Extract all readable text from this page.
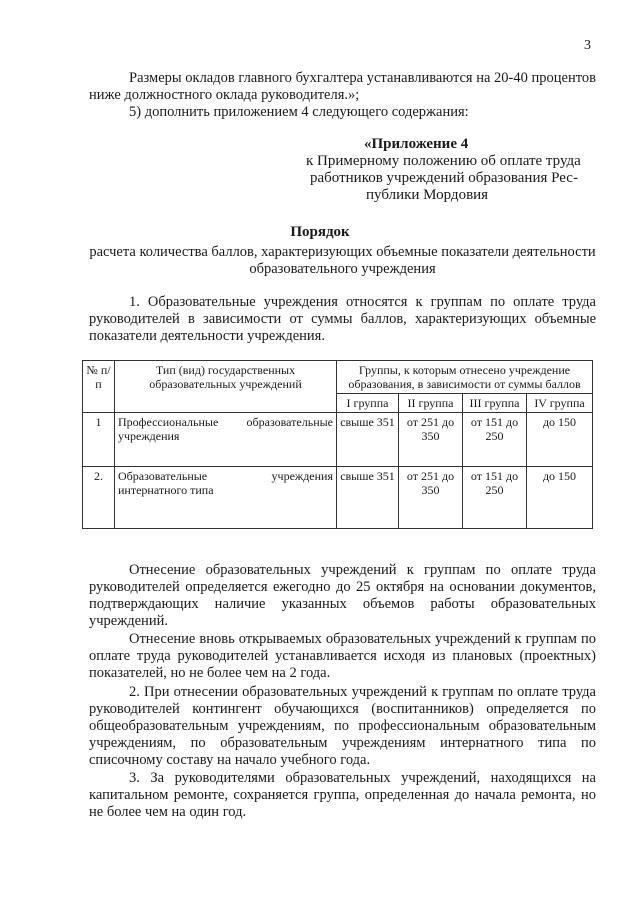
3
Размеры окладов главного бухгалтера устанавливаются на 20-40 процентов ниже должностного оклада руководителя.»;
5) дополнить приложением 4 следующего содержания:
«Приложение 4
к Примерному положению об оплате труда
работников учреждений образования Рес-
публики Мордовия
Порядок
расчета количества баллов, характеризующих объемные показатели деятельности образовательного учреждения
1. Образовательные учреждения относятся к группам по оплате труда руководителей в зависимости от суммы баллов, характеризующих объемные показатели деятельности учреждения.
№ п/п	Тип (вид) государственных образовательных учреждений	Группы, к которым отнесено учреждение образования, в зависимости от суммы баллов			
		I группа	II группа	III группа	IV группа
1	Профессиональные образовательные учреждения	свыше 351	от 251 до 350	от 151 до 250	до 150
2.	Образовательные учреждения интернатного типа	свыше 351	от 251 до 350	от 151 до 250	до 150
Отнесение образовательных учреждений к группам по оплате труда руководителей определяется ежегодно до 25 октября на основании документов, подтверждающих наличие указанных объемов работы образовательных учреждений.
Отнесение вновь открываемых образовательных учреждений к группам по оплате труда руководителей устанавливается исходя из плановых (проектных) показателей, но не более чем на 2 года.
2. При отнесении образовательных учреждений к группам по оплате труда руководителей контингент обучающихся (воспитанников) определяется по общеобразовательным учреждениям, по профессиональным образовательным учреждениям, по образовательным учреждениям интернатного типа по списочному составу на начало учебного года.
3. За руководителями образовательных учреждений, находящихся на капитальном ремонте, сохраняется группа, определенная до начала ремонта, но не более чем на один год.
